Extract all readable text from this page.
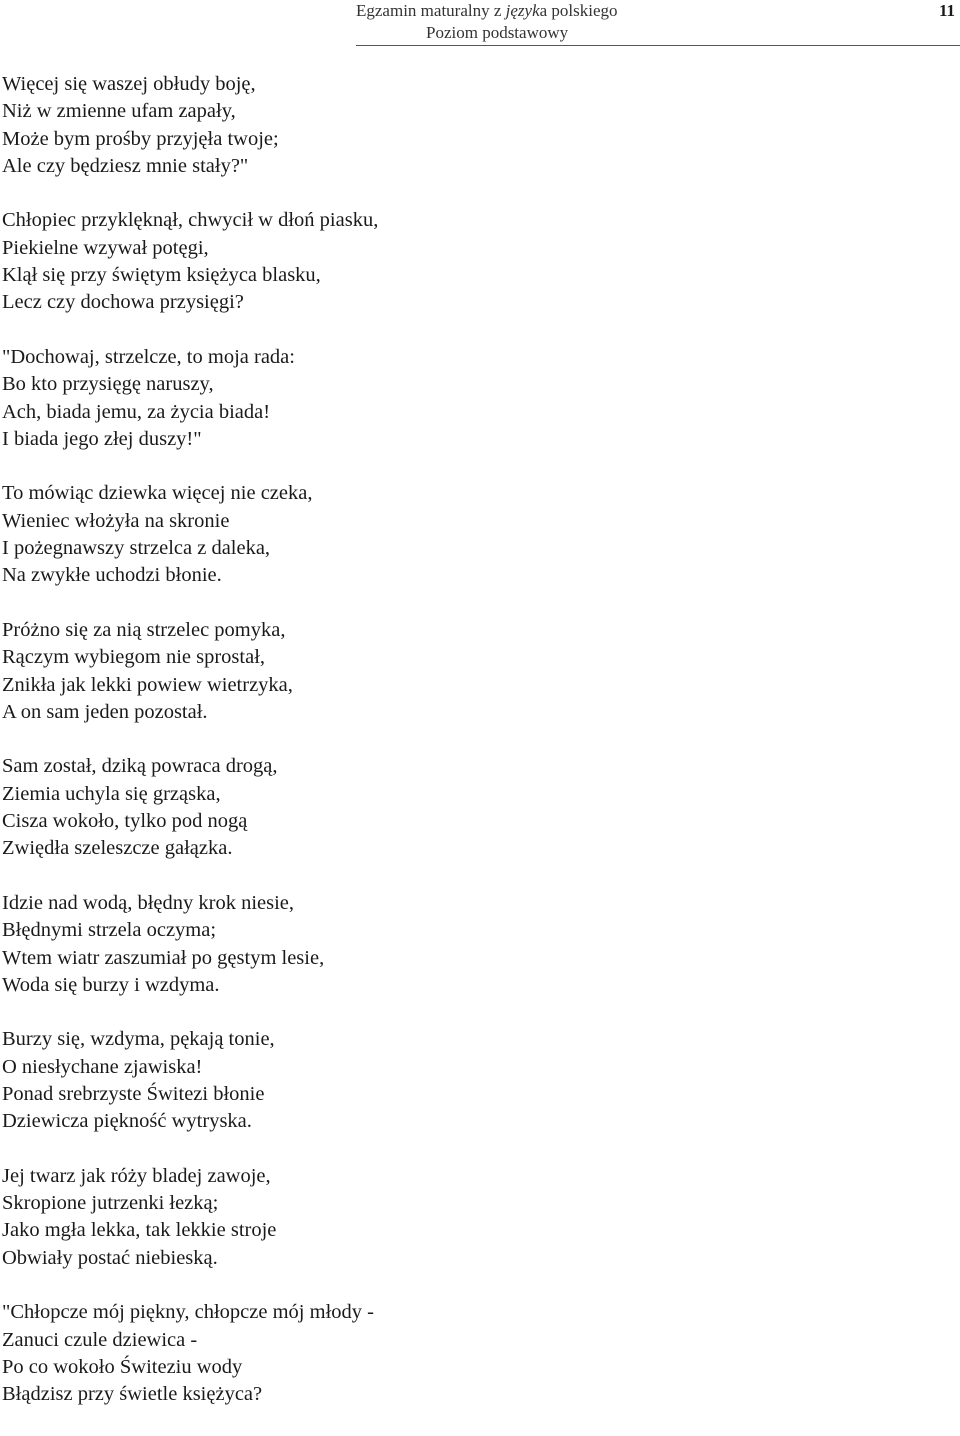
Egzamin maturalny z języka polskiego
Poziom podstawowy
11
Więcej się waszej obłudy boję,
Niż w zmienne ufam zapały,
Może bym prośby przyjęła twoje;
Ale czy będziesz mnie stały?"
Chłopiec przyklęknął, chwycił w dłoń piasku,
Piekielne wzywał potęgi,
Klął się przy świętym księżyca blasku,
Lecz czy dochowa przysięgi?
"Dochowaj, strzelcze, to moja rada:
Bo kto przysięgę naruszy,
Ach, biada jemu, za życia biada!
I biada jego złej duszy!"
To mówiąc dziewka więcej nie czeka,
Wieniec włożyła na skronie
I pożegnawszy strzelca z daleka,
Na zwykłe uchodzi błonie.
Próżno się za nią strzelec pomyka,
Rączym wybiegom nie sprostał,
Znikła jak lekki powiew wietrzyka,
A on sam jeden pozostał.
Sam został, dziką powraca drogą,
Ziemia uchyla się grząska,
Cisza wokoło, tylko pod nogą
Zwiędła szeleszcze gałązka.
Idzie nad wodą, błędny krok niesie,
Błędnymi strzela oczyma;
Wtem wiatr zaszumiał po gęstym lesie,
Woda się burzy i wzdyma.
Burzy się, wzdyma, pękają tonie,
O niesłychane zjawiska!
Ponad srebrzyste Świtezi błonie
Dziewicza piękność wytryska.
Jej twarz jak róży bladej zawoje,
Skropione jutrzenki łezką;
Jako mgła lekka, tak lekkie stroje
Obwiały postać niebieską.
"Chłopcze mój piękny, chłopcze mój młody -
Zanuci czule dziewica -
Po co wokoło Świteziu wody
Błądzisz przy świetle księżyca?
